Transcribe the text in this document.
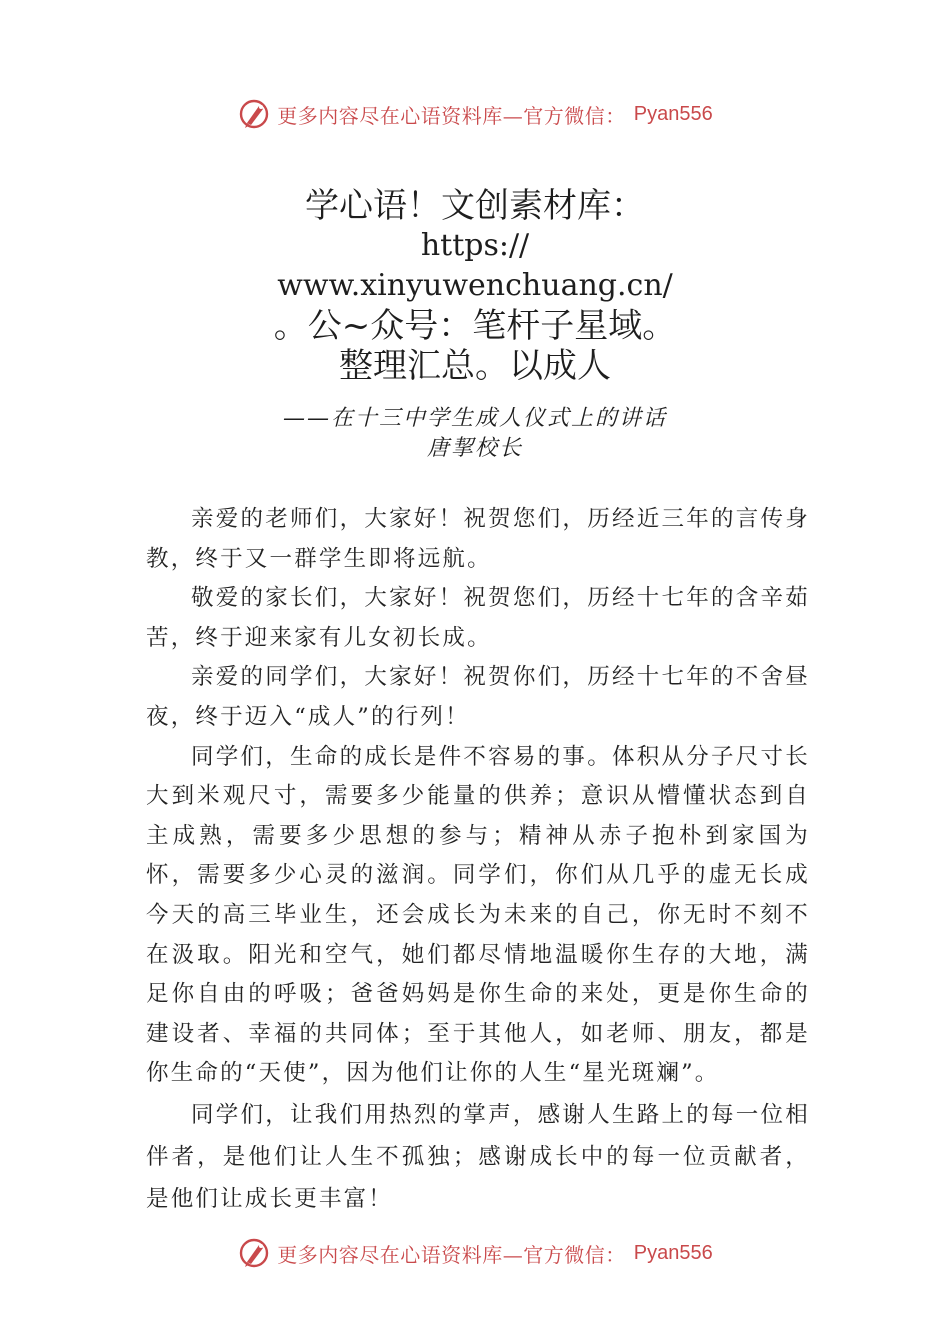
更多内容尽在心语资料库—官方微信： Pyan556
学心语！文创素材库：
https://
www.xinyuwenchuang.cn/
。公~众号：笔杆子星域。
整理汇总。以成人
——在十三中学生成人仪式上的讲话
唐挈校长

亲爱的老师们，大家好！祝贺您们，历经近三年的言传身教，终于又一群学生即将远航。

敬爱的家长们，大家好！祝贺您们，历经十七年的含辛茹苦，终于迎来家有儿女初长成。

亲爱的同学们，大家好！祝贺你们，历经十七年的不舍昼夜，终于迈入“成人”的行列！

同学们，生命的成长是件不容易的事。体积从分子尺寸长大到米观尺寸，需要多少能量的供养；意识从懵懂状态到自主成熟，需要多少思想的参与；精神从赤子抱朴到家国为怀，需要多少心灵的滋润。同学们，你们从几乎的虚无长成今天的高三毕业生，还会成长为未来的自己，你无时不刻不在汲取。阳光和空气，她们都尽情地温暖你生存的大地，满足你自由的呼吸；爸爸妈妈是你生命的来处，更是你生命的建设者、幸福的共同体；至于其他人，如老师、朋友，都是你生命的“天使”，因为他们让你的人生“星光斑斓”。

同学们，让我们用热烈的掌声，感谢人生路上的每一位相伴者，是他们让人生不孤独；感谢成长中的每一位贡献者，是他们让成长更丰富！

更多内容尽在心语资料库—官方微信： Pyan556
